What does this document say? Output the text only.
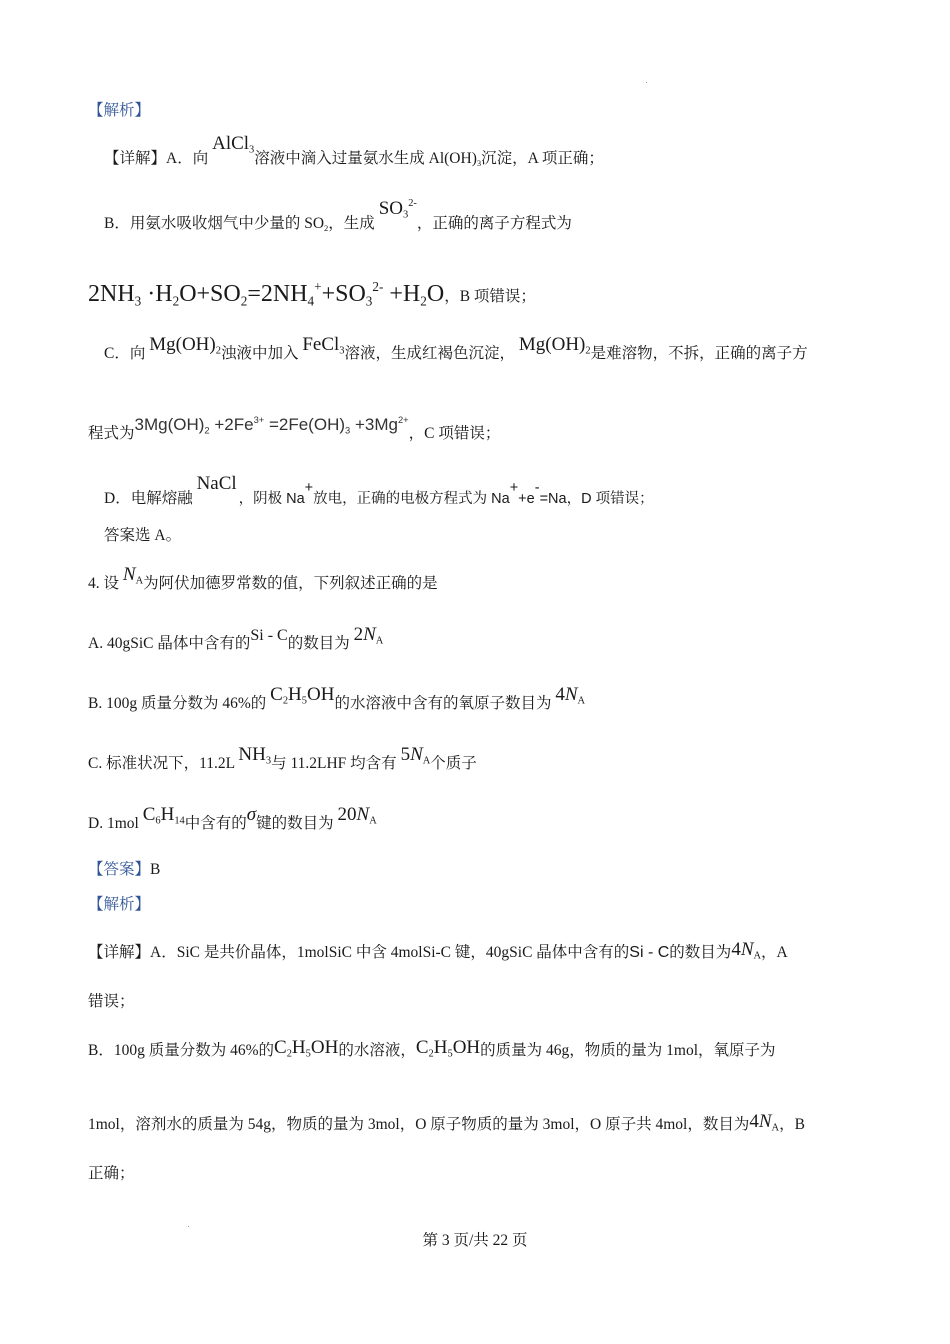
【解析】
【详解】A．向 AlCl$_3$溶液中滴入过量氨水生成 $Al(OH)_3$沉淀，A 项正确；
B．用氨水吸收烟气中少量的 $SO_2$，生成 $SO_3^{2-}$，正确的离子方程式为
$2NH_3 \cdot H_2O+SO_2=2NH_4^++SO_3^{2-} +H_2O$，B 项错误；
C．向 $Mg(OH)_2$浊液中加入 FeCl$_3$溶液，生成红褐色沉淀， $Mg(OH)_2$是难溶物，不拆，正确的离子方
程式为$3Mg(OH)_2 +2Fe^{3+} =2Fe(OH)_3 +3Mg^{2+}$，C 项错误；
D．电解熔融 NaCl，阴极 Na+放电，正确的电极方程式为 Na++e-=Na，D 项错误；
答案选 A。
4. 设 $N_A$为阿伏加德罗常数的值，下列叙述正确的是
A. 40gSiC 晶体中含有的Si - C的数目为 $2N_A$
B. 100g 质量分数为 46%的 $C_2H_5OH$的水溶液中含有的氧原子数目为 $4N_A$
C. 标准状况下，11.2L $NH_3$与 11.2LHF 均含有 $5N_A$个质子
D. 1mol $C_6H_{14}$中含有的σ键的数目为 $20N_A$
【答案】B
【解析】
【详解】A．SiC 是共价晶体，1molSiC 中含 4molSi-C 键，40gSiC 晶体中含有的Si - C的数目为$4N_A$，A
错误；
B．100g 质量分数为 46%的$C_2H_5OH$的水溶液，$C_2H_5OH$的质量为 46g，物质的量为 1mol，氧原子为
1mol，溶剂水的质量为 54g，物质的量为 3mol，O 原子物质的量为 3mol，O 原子共 4mol，数目为$4N_A$，B
正确；
第 3 页/共 22 页
